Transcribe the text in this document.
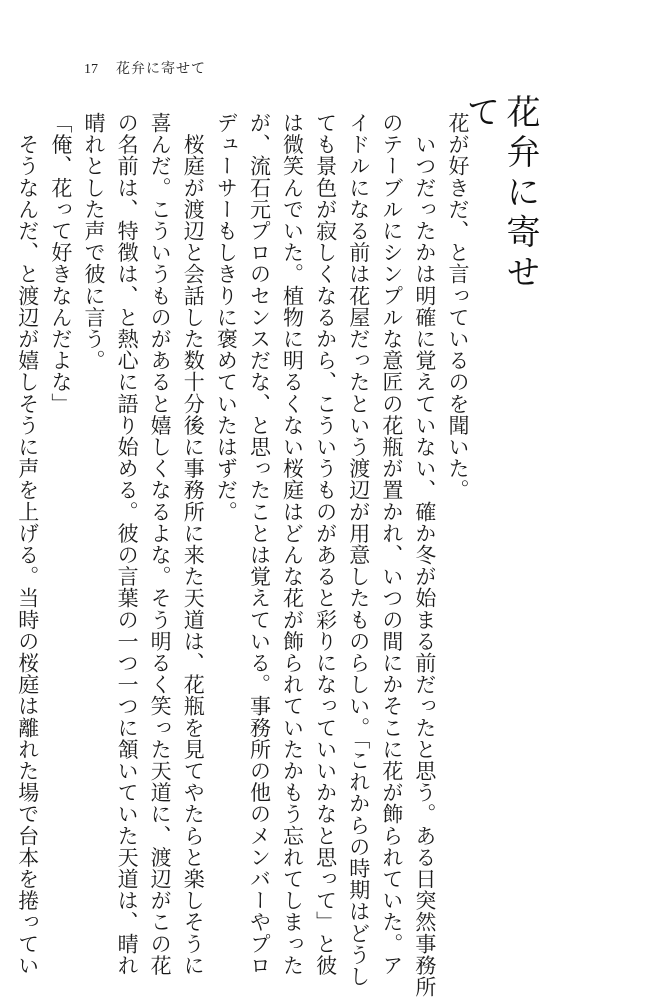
17 花弁に寄せて
花弁に寄せて
花が好きだ、と言っているのを聞いた。
　いつだったかは明確に覚えていない、確か冬が始まる前だったと思う。ある日突然事務所
のテーブルにシンプルな意匠の花瓶が置かれ、いつの間にかそこに花が飾られていた。ア
イドルになる前は花屋だったという渡辺が用意したものらしい。「これからの時期はどうし
ても景色が寂しくなるから、こういうものがあると彩りになっていいかなと思って」と彼
は微笑んでいた。植物に明るくない桜庭はどんな花が飾られていたかもう忘れてしまった
が、流石元プロのセンスだな、と思ったことは覚えている。事務所の他のメンバーやプロ
デューサーもしきりに褒めていたはずだ。
　桜庭が渡辺と会話した数十分後に事務所に来た天道は、花瓶を見てやたらと楽しそうに
喜んだ。こういうものがあると嬉しくなるよな。そう明るく笑った天道に、渡辺がこの花
の名前は、特徴は、と熱心に語り始める。彼の言葉の一つ一つに頷いていた天道は、晴れ
晴れとした声で彼に言う。
「俺、花って好きなんだよな」
　そうなんだ、と渡辺が嬉しそうに声を上げる。当時の桜庭は離れた場で台本を捲ってい
